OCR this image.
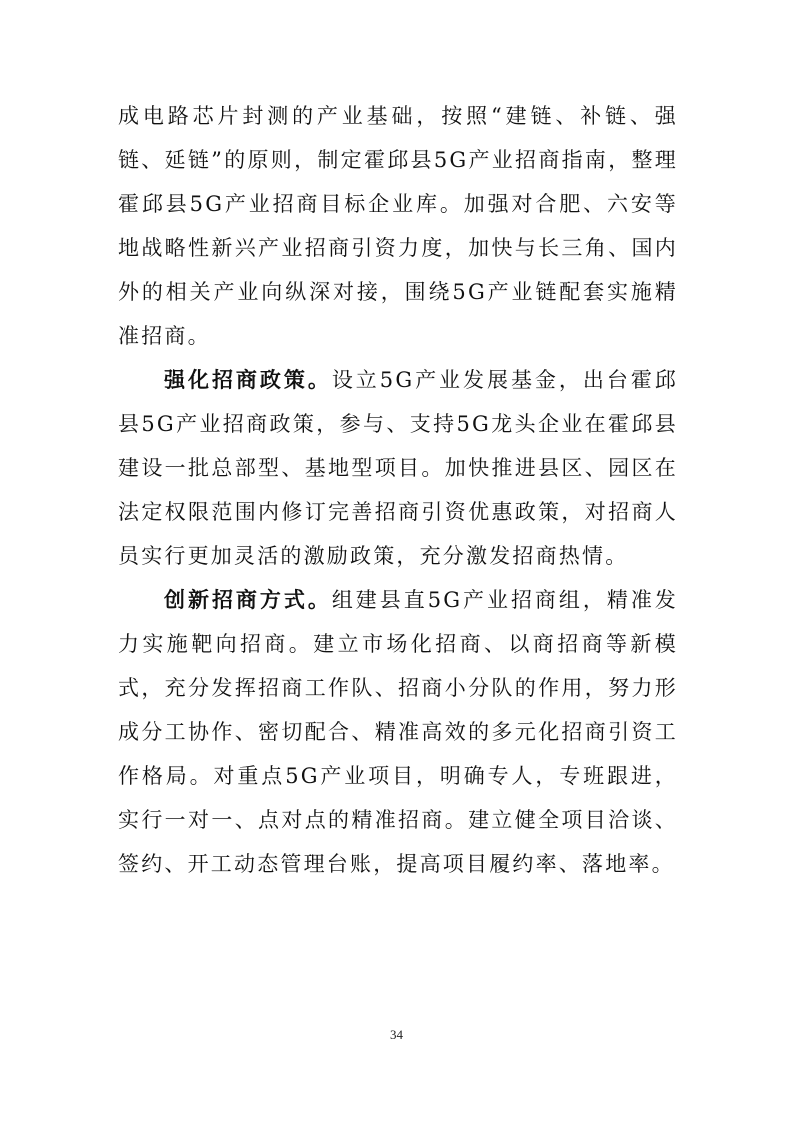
成电路芯片封测的产业基础，按照“建链、补链、强链、延链”的原则，制定霍邱县5G产业招商指南，整理霍邱县5G产业招商目标企业库。加强对合肥、六安等地战略性新兴产业招商引资力度，加快与长三角、国内外的相关产业向纵深对接，围绕5G产业链配套实施精准招商。

强化招商政策。设立5G产业发展基金，出台霍邱县5G产业招商政策，参与、支持5G龙头企业在霍邱县建设一批总部型、基地型项目。加快推进县区、园区在法定权限范围内修订完善招商引资优惠政策，对招商人员实行更加灵活的激励政策，充分激发招商热情。

创新招商方式。组建县直5G产业招商组，精准发力实施靶向招商。建立市场化招商、以商招商等新模式，充分发挥招商工作队、招商小分队的作用，努力形成分工协作、密切配合、精准高效的多元化招商引资工作格局。对重点5G产业项目，明确专人，专班跟进，实行一对一、点对点的精准招商。建立健全项目洽谈、签约、开工动态管理台账，提高项目履约率、落地率。

34
